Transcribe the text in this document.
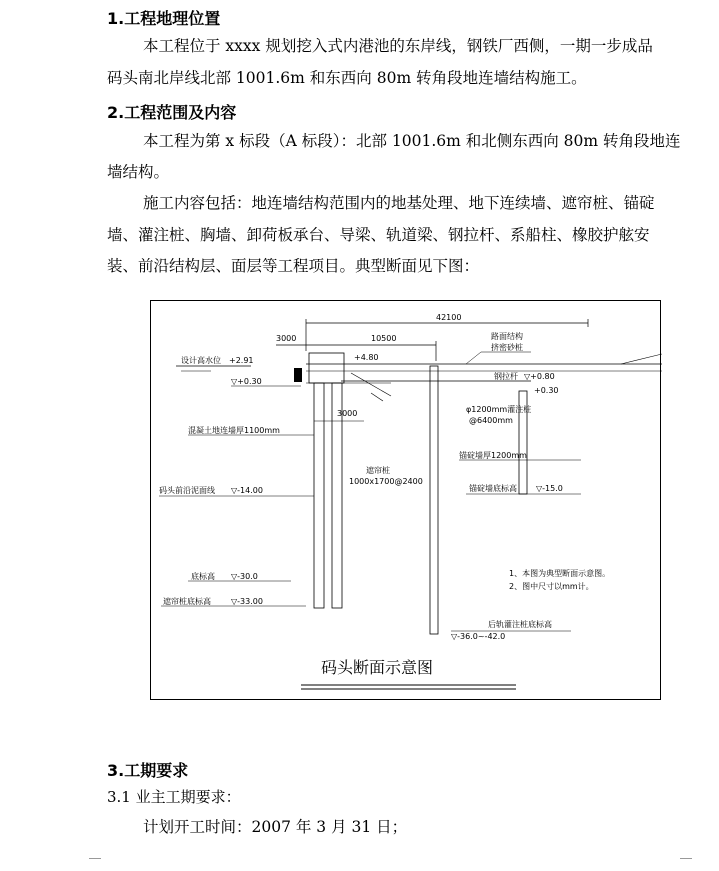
1.工程地理位置
本工程位于 xxxx 规划挖入式内港池的东岸线，钢铁厂西侧，一期一步成品
码头南北岸线北部 1001.6m 和东西向 80m 转角段地连墙结构施工。
2.工程范围及内容
本工程为第 x 标段（A 标段）：北部 1001.6m 和北侧东西向 80m 转角段地连
墙结构。
施工内容包括：地连墙结构范围内的地基处理、地下连续墙、遮帘桩、锚碇
墙、灌注桩、胸墙、卸荷板承台、导梁、轨道梁、钢拉杆、系船柱、橡胶护舷安
装、前沿结构层、面层等工程项目。典型断面见下图：
42100
3000	10500
设计高水位 +2.91	+4.80
▽+0.30
路面结构
挤密砂桩
钢拉杆 ▽+0.80
+0.30
3000	φ1200mm灌注桩
@6400mm
混凝土地连墙厚1100mm
锚碇墙厚1200mm
遮帘桩
1000x1700@2400
锚碇墙底标高 ▽-15.0
码头前沿泥面线 ▽-14.00
底标高 ▽-30.0
遮帘桩底标高	▽-33.00
1、本图为典型断面示意图。
2、图中尺寸以mm计。
后轨灌注桩底标高
▽-36.0~-42.0
码头断面示意图
3.工期要求
3.1 业主工期要求：
计划开工时间：2007 年 3 月 31 日；
